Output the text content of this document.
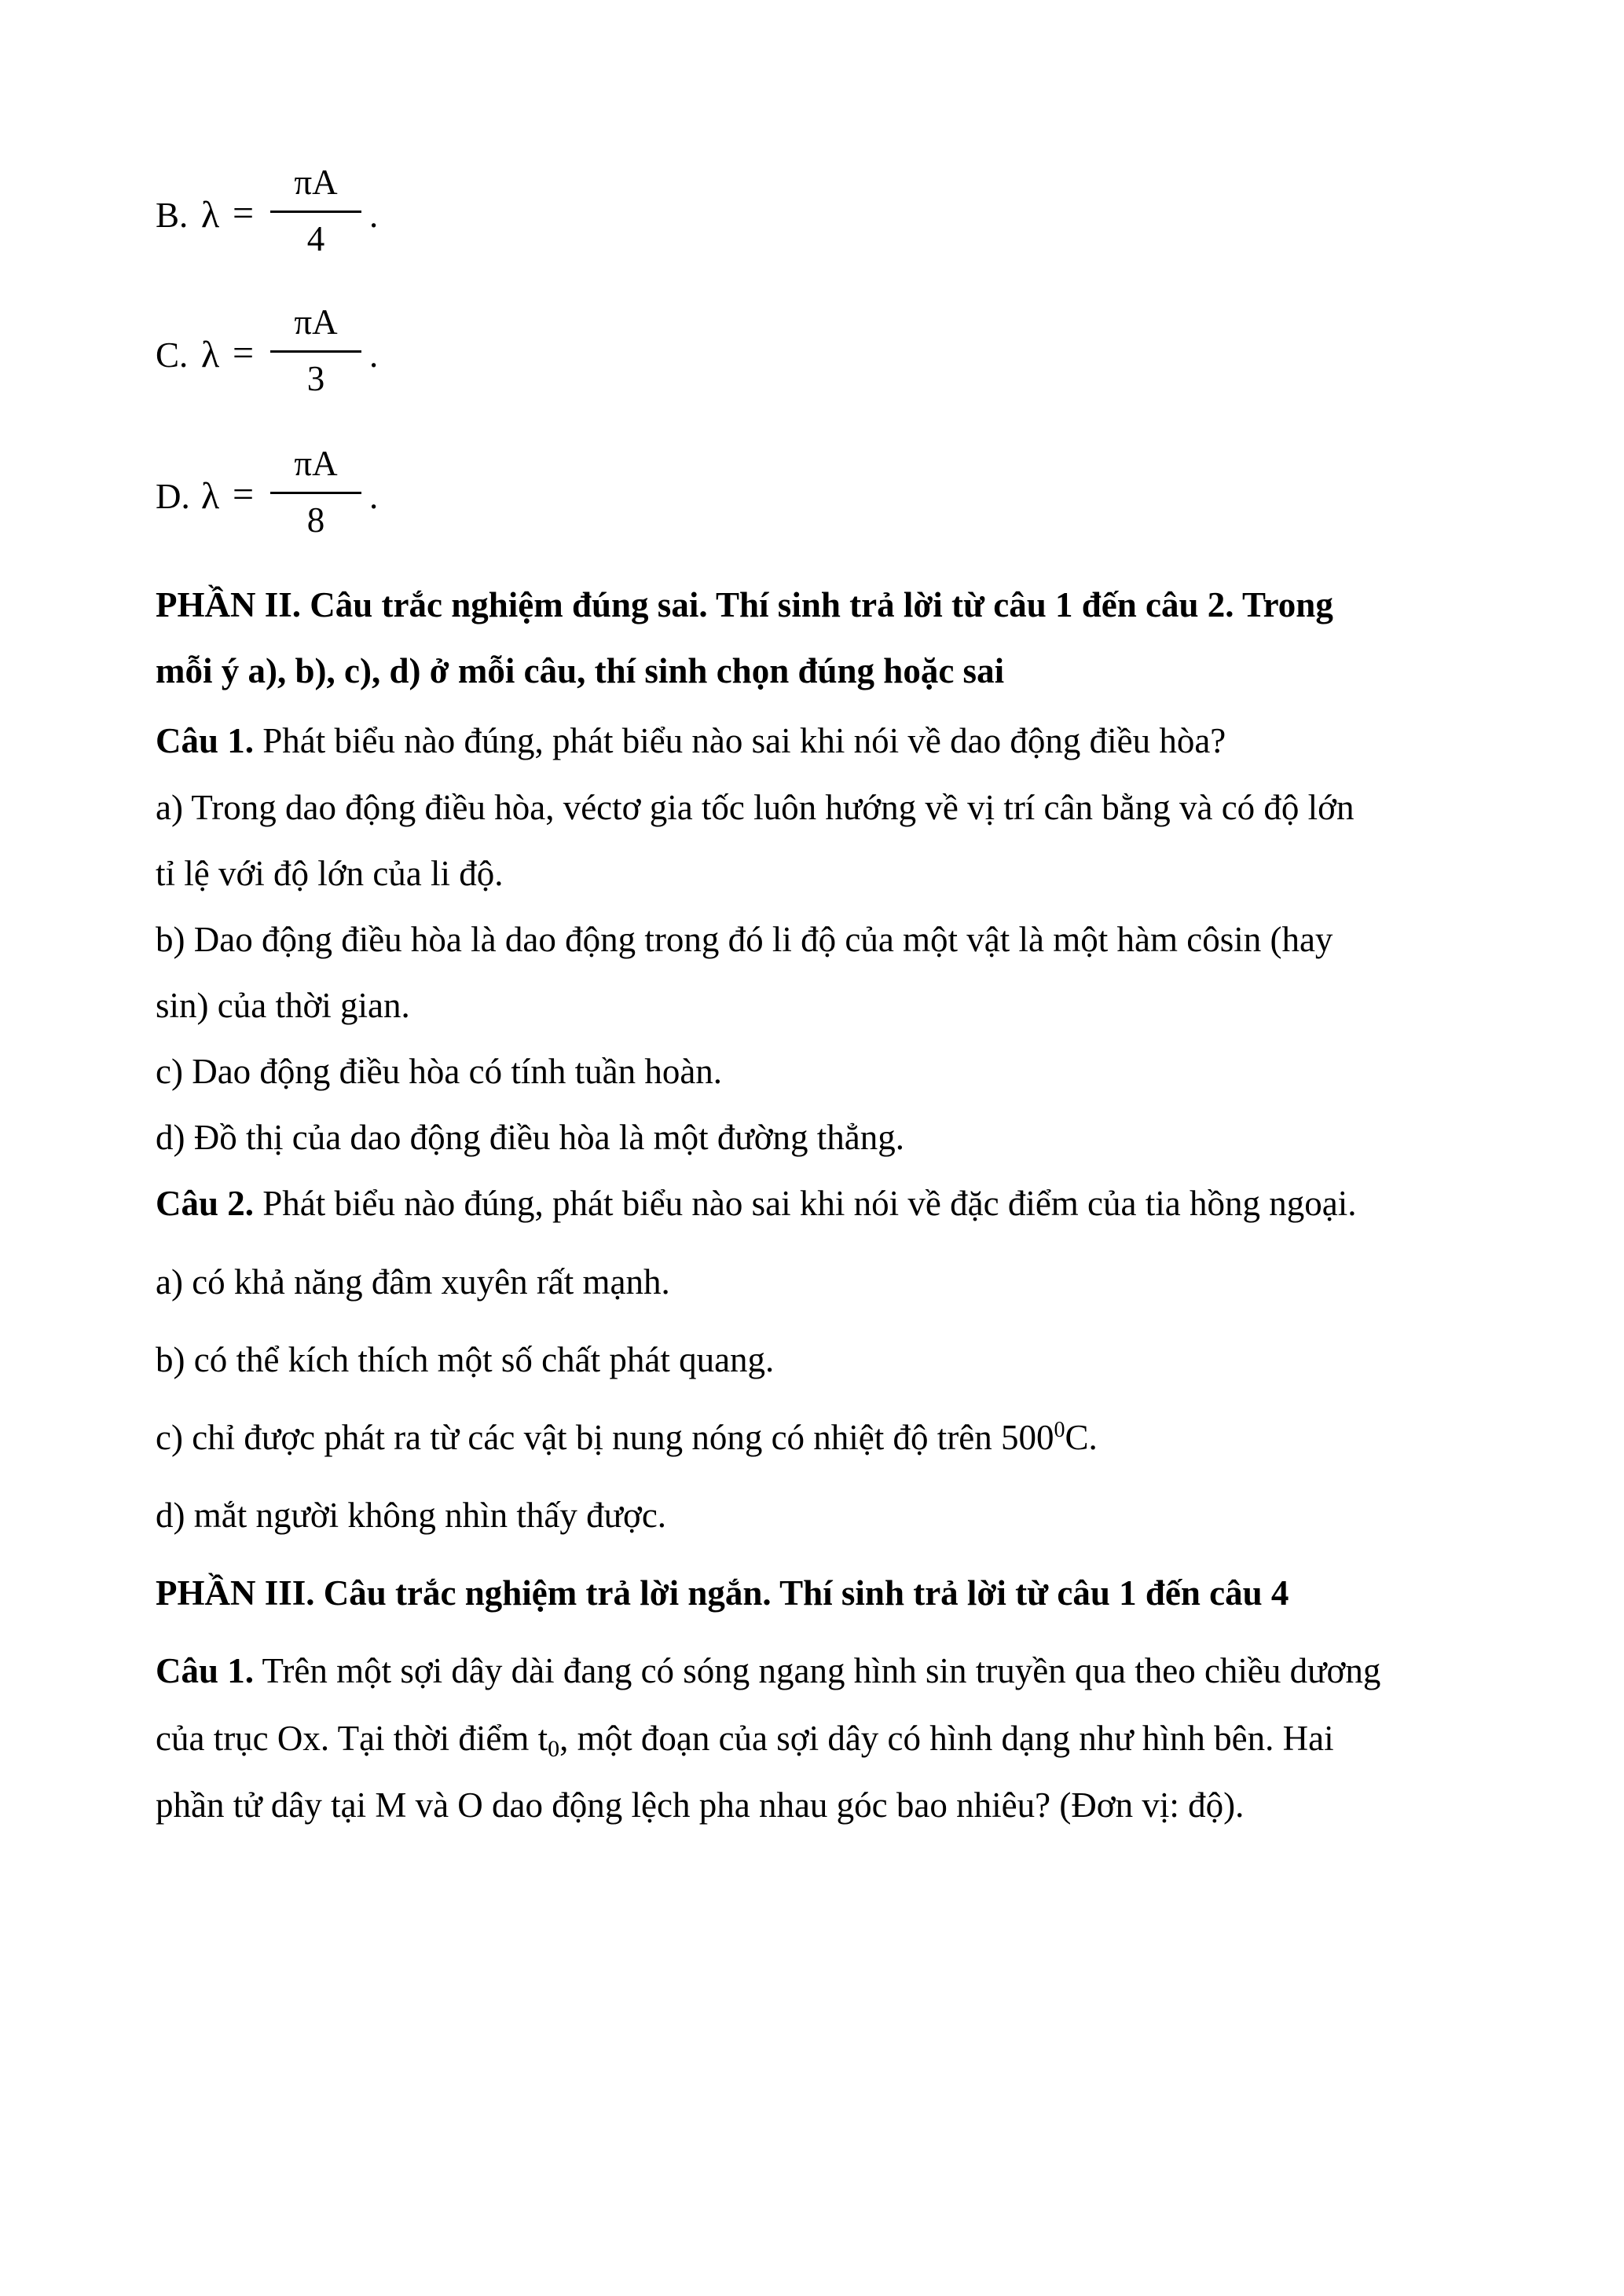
B. λ =
πA
4
.
C. λ =
πA
3
.
D. λ =
πA
8
.
PHẦN II. Câu trắc nghiệm đúng sai. Thí sinh trả lời từ câu 1 đến câu 2. Trong
mỗi ý a), b), c), d) ở mỗi câu, thí sinh chọn đúng hoặc sai
Câu 1. Phát biểu nào đúng, phát biểu nào sai khi nói về dao động điều hòa?
a) Trong dao động điều hòa, véctơ gia tốc luôn hướng về vị trí cân bằng và có độ lớn
tỉ lệ với độ lớn của li độ.
b) Dao động điều hòa là dao động trong đó li độ của một vật là một hàm côsin (hay
sin) của thời gian.
c) Dao động điều hòa có tính tuần hoàn.
d) Đồ thị của dao động điều hòa là một đường thẳng.
Câu 2. Phát biểu nào đúng, phát biểu nào sai khi nói về đặc điểm của tia hồng ngoại.
a) có khả năng đâm xuyên rất mạnh.
b) có thể kích thích một số chất phát quang.
c) chỉ được phát ra từ các vật bị nung nóng có nhiệt độ trên $500^0C$.
d) mắt người không nhìn thấy được.
PHẦN III. Câu trắc nghiệm trả lời ngắn. Thí sinh trả lời từ câu 1 đến câu 4
Câu 1. Trên một sợi dây dài đang có sóng ngang hình sin truyền qua theo chiều dương
của trục Ox. Tại thời điểm $t_0$, một đoạn của sợi dây có hình dạng như hình bên. Hai
phần tử dây tại M và O dao động lệch pha nhau góc bao nhiêu? (Đơn vị: độ).
